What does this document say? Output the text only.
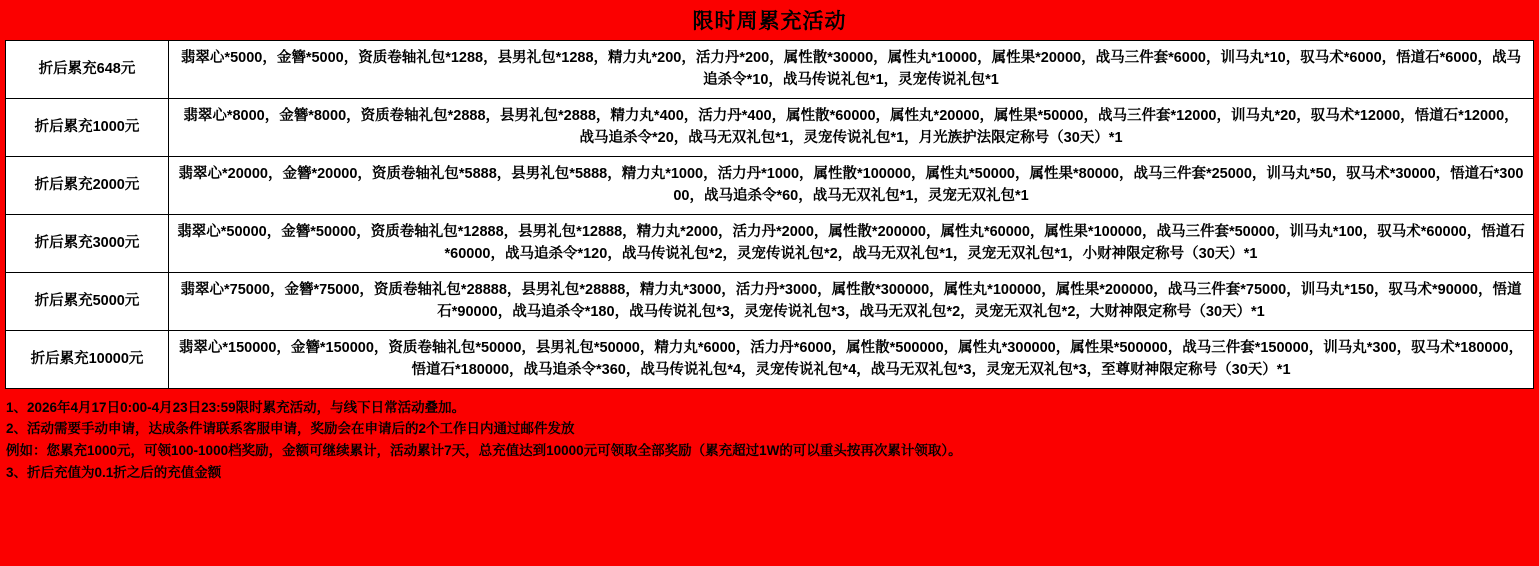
限时周累充活动
折后累充648元	翡翠心*5000，金簪*5000，资质卷轴礼包*1288，县男礼包*1288，精力丸*200，活力丹*200，属性散*30000，属性丸*10000，属性果*20000，战马三件套*6000，训马丸*10，驭马术*6000，悟道石*6000，战马追杀令*10，战马传说礼包*1，灵宠传说礼包*1
折后累充1000元	翡翠心*8000，金簪*8000，资质卷轴礼包*2888，县男礼包*2888，精力丸*400，活力丹*400，属性散*60000，属性丸*20000，属性果*50000，战马三件套*12000，训马丸*20，驭马术*12000，悟道石*12000，战马追杀令*20，战马无双礼包*1，灵宠传说礼包*1，月光族护法限定称号（30天）*1
折后累充2000元	翡翠心*20000，金簪*20000，资质卷轴礼包*5888，县男礼包*5888，精力丸*1000，活力丹*1000，属性散*100000，属性丸*50000，属性果*80000，战马三件套*25000，训马丸*50，驭马术*30000，悟道石*30000，战马追杀令*60，战马无双礼包*1，灵宠无双礼包*1
折后累充3000元	翡翠心*50000，金簪*50000，资质卷轴礼包*12888，县男礼包*12888，精力丸*2000，活力丹*2000，属性散*200000，属性丸*60000，属性果*100000，战马三件套*50000，训马丸*100，驭马术*60000，悟道石*60000，战马追杀令*120，战马传说礼包*2，灵宠传说礼包*2，战马无双礼包*1，灵宠无双礼包*1，小财神限定称号（30天）*1
折后累充5000元	翡翠心*75000，金簪*75000，资质卷轴礼包*28888，县男礼包*28888，精力丸*3000，活力丹*3000，属性散*300000，属性丸*100000，属性果*200000，战马三件套*75000，训马丸*150，驭马术*90000，悟道石*90000，战马追杀令*180，战马传说礼包*3，灵宠传说礼包*3，战马无双礼包*2，灵宠无双礼包*2，大财神限定称号（30天）*1
折后累充10000元	翡翠心*150000，金簪*150000，资质卷轴礼包*50000，县男礼包*50000，精力丸*6000，活力丹*6000，属性散*500000，属性丸*300000，属性果*500000，战马三件套*150000，训马丸*300，驭马术*180000，悟道石*180000，战马追杀令*360，战马传说礼包*4，灵宠传说礼包*4，战马无双礼包*3，灵宠无双礼包*3，至尊财神限定称号（30天）*1
1、2026年4月17日0:00-4月23日23:59限时累充活动，与线下日常活动叠加。
2、活动需要手动申请，达成条件请联系客服申请，奖励会在申请后的2个工作日内通过邮件发放
例如：您累充1000元，可领100-1000档奖励，金额可继续累计，活动累计7天，总充值达到10000元可领取全部奖励（累充超过1W的可以重头按再次累计领取）。
3、折后充值为0.1折之后的充值金额
